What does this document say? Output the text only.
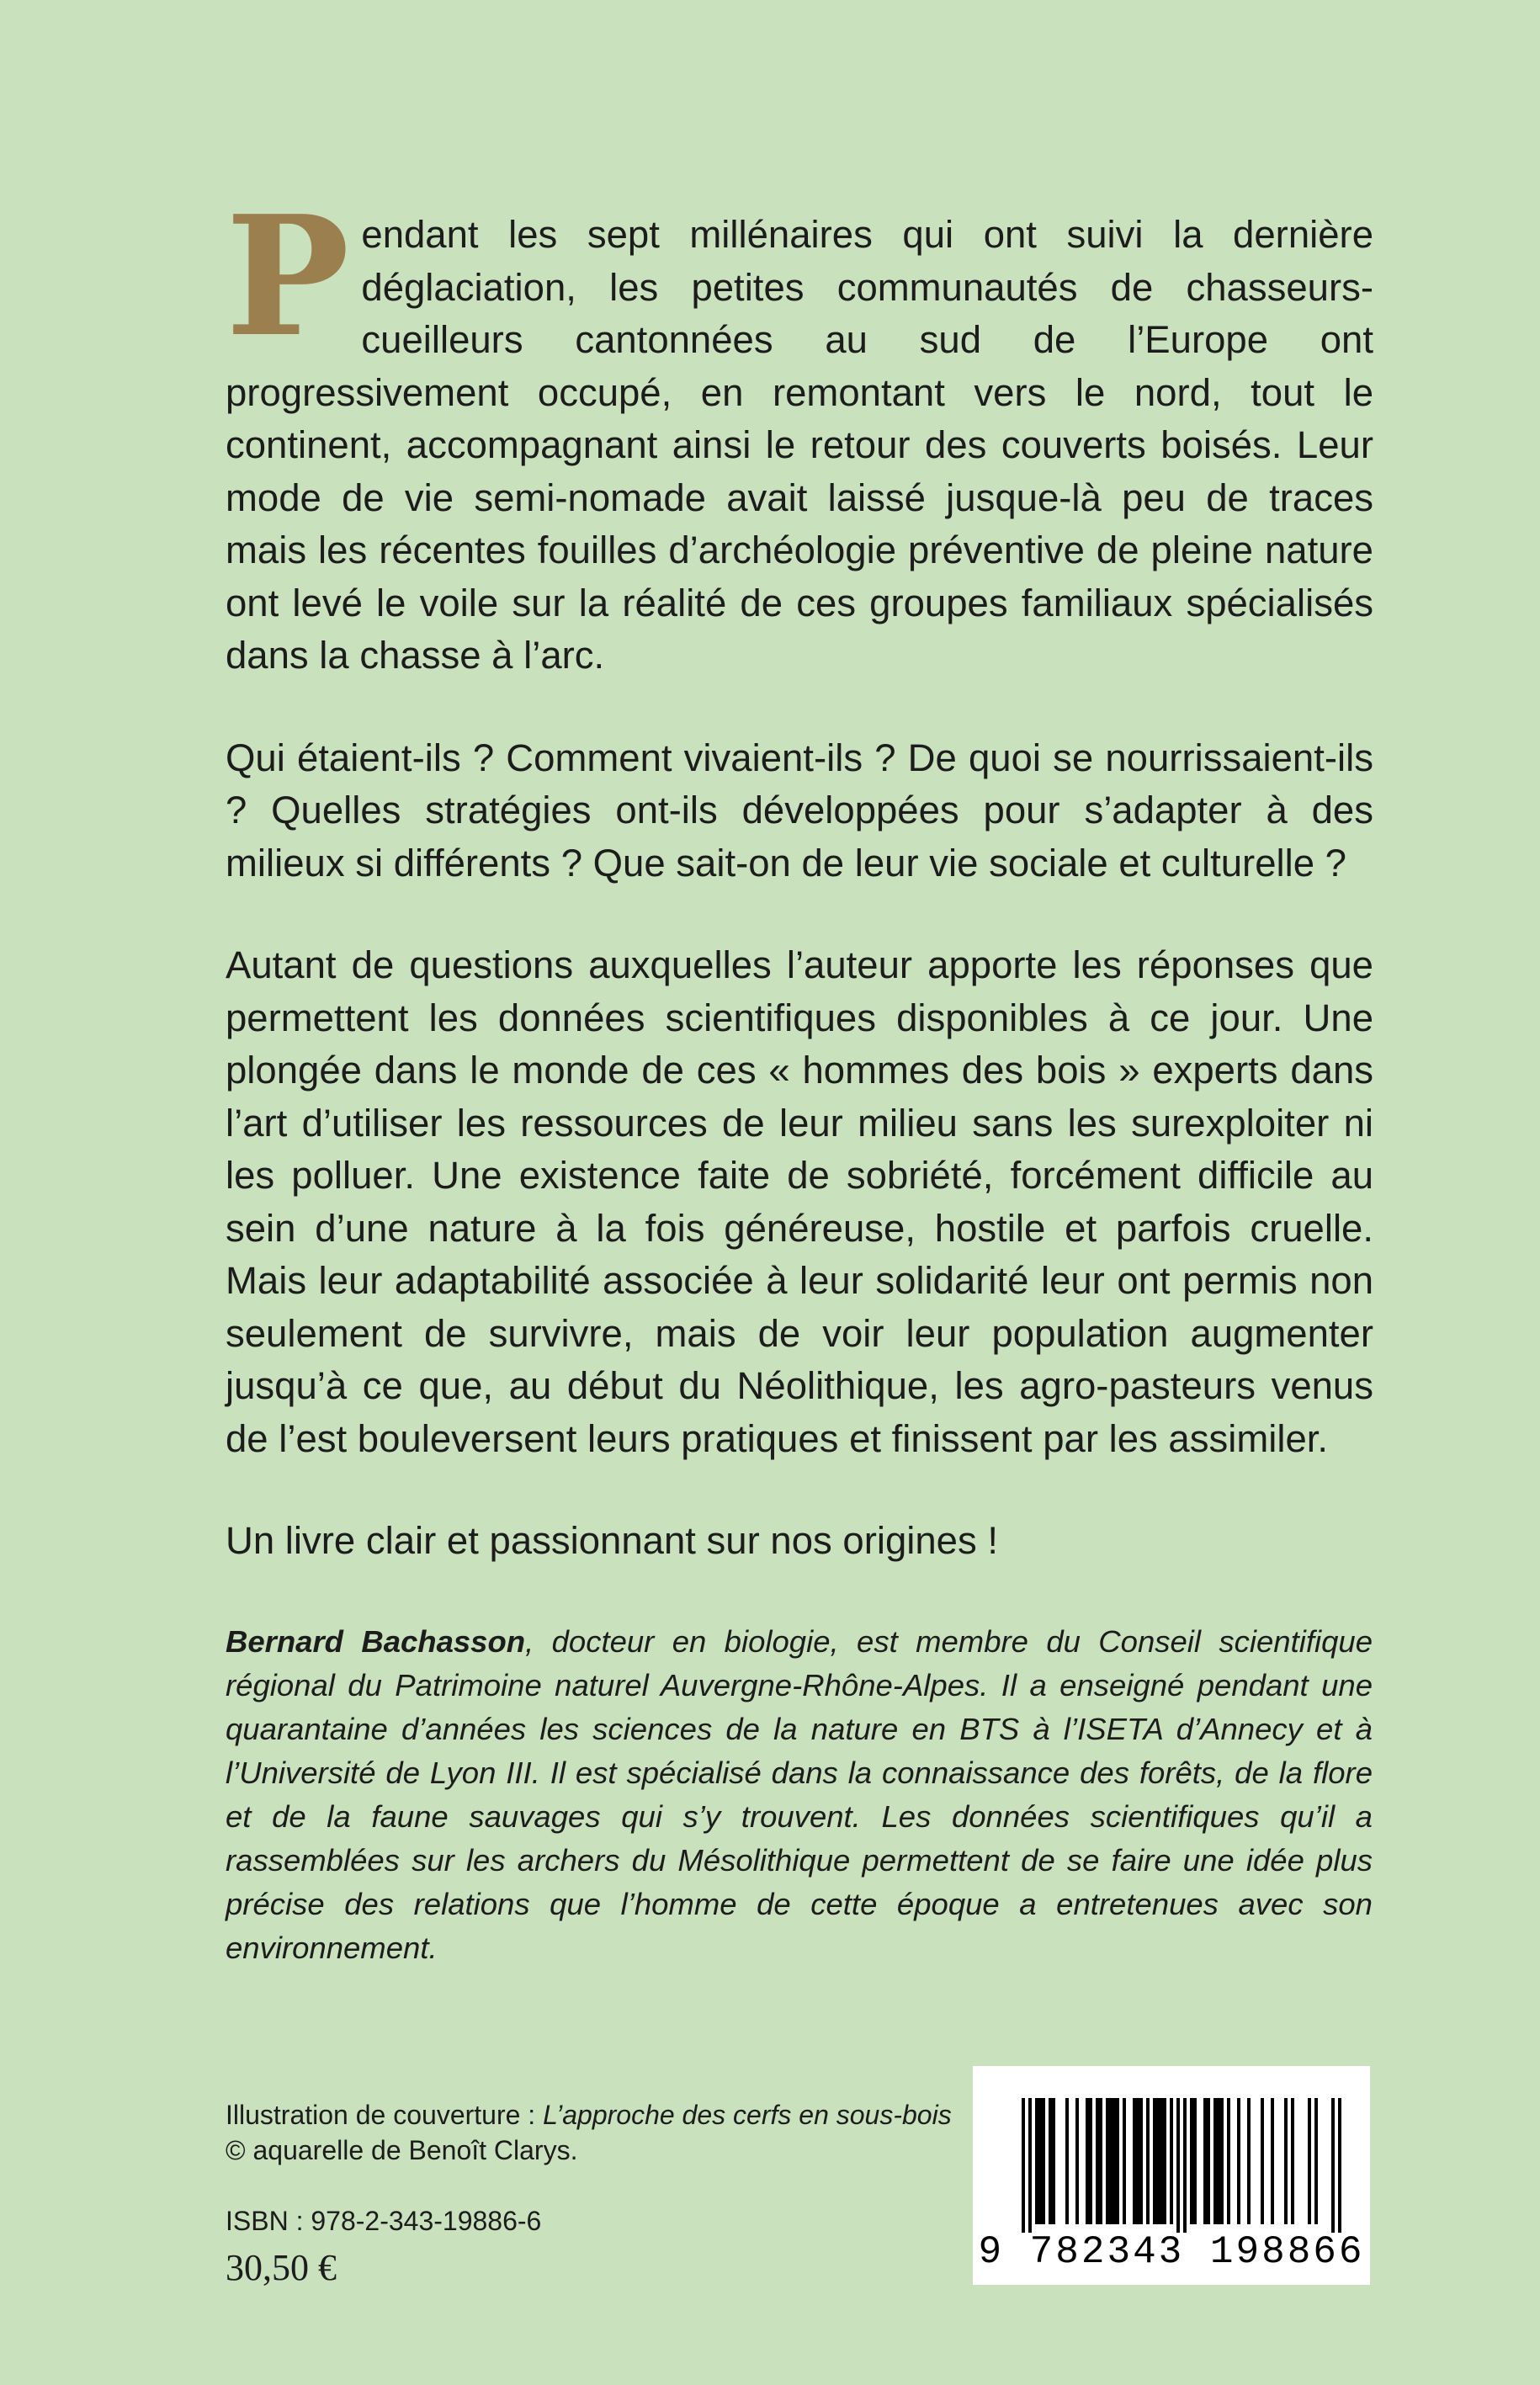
Pendant les sept millénaires qui ont suivi la dernière déglaciation, les petites communautés de chasseurs-cueilleurs cantonnées au sud de l’Europe ont progressivement occupé, en remontant vers le nord, tout le continent, accompagnant ainsi le retour des couverts boisés. Leur mode de vie semi-nomade avait laissé jusque-là peu de traces mais les récentes fouilles d’archéologie préventive de pleine nature ont levé le voile sur la réalité de ces groupes familiaux spécialisés dans la chasse à l’arc.

Qui étaient-ils ? Comment vivaient-ils ? De quoi se nourrissaient-ils ? Quelles stratégies ont-ils développées pour s’adapter à des milieux si différents ? Que sait-on de leur vie sociale et culturelle ?

Autant de questions auxquelles l’auteur apporte les réponses que permettent les données scientifiques disponibles à ce jour. Une plongée dans le monde de ces « hommes des bois » experts dans l’art d’utiliser les ressources de leur milieu sans les surexploiter ni les polluer. Une existence faite de sobriété, forcément difficile au sein d’une nature à la fois généreuse, hostile et parfois cruelle. Mais leur adaptabilité associée à leur solidarité leur ont permis non seulement de survivre, mais de voir leur population augmenter jusqu’à ce que, au début du Néolithique, les agro-pasteurs venus de l’est bouleversent leurs pratiques et finissent par les assimiler.

Un livre clair et passionnant sur nos origines !

Bernard Bachasson, docteur en biologie, est membre du Conseil scientifique régional du Patrimoine naturel Auvergne-Rhône-Alpes. Il a enseigné pendant une quarantaine d’années les sciences de la nature en BTS à l’ISETA d’Annecy et à l’Université de Lyon III. Il est spécialisé dans la connaissance des forêts, de la flore et de la faune sauvages qui s’y trouvent. Les données scientifiques qu’il a rassemblées sur les archers du Mésolithique permettent de se faire une idée plus précise des relations que l’homme de cette époque a entretenues avec son environnement.

Illustration de couverture : L’approche des cerfs en sous-bois
© aquarelle de Benoît Clarys.
ISBN : 978-2-343-19886-6
30,50 €	9 782343 198866
